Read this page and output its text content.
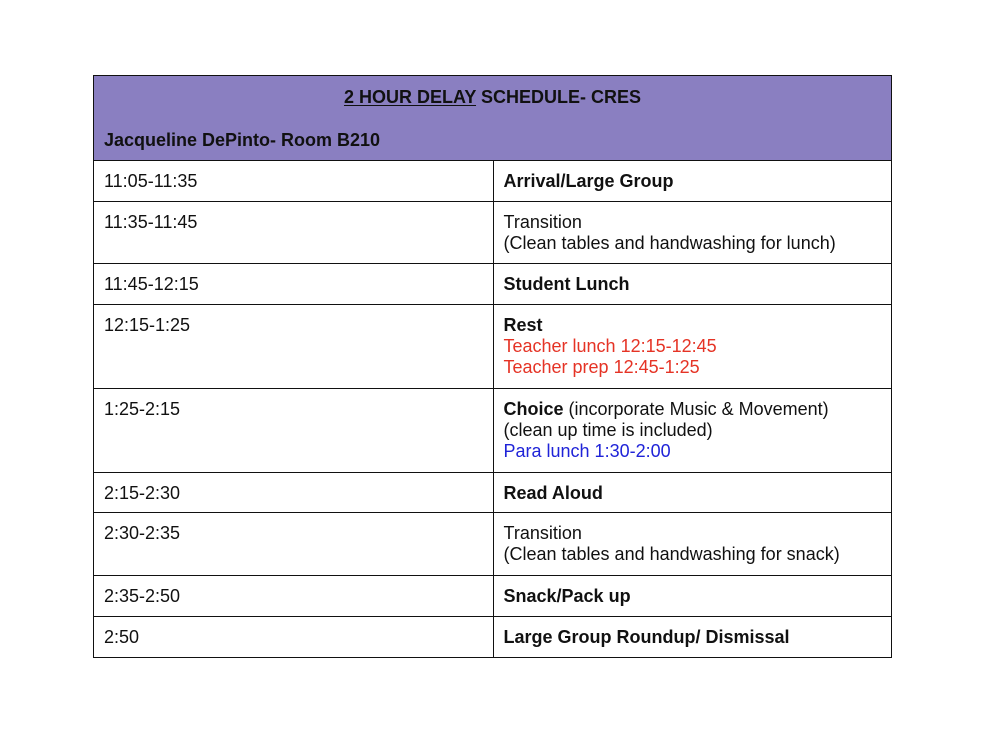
2 HOUR DELAY SCHEDULE- CRES
Jacqueline DePinto- Room B210	

11:05-11:35	Arrival/Large Group

11:35-11:45	Transition
(Clean tables and handwashing for lunch)

11:45-12:15	Student Lunch

12:15-1:25	Rest
Teacher lunch 12:15-12:45
Teacher prep 12:45-1:25

1:25-2:15	Choice (incorporate Music & Movement)
(clean up time is included)
Para lunch 1:30-2:00

2:15-2:30	Read Aloud

2:30-2:35	Transition
(Clean tables and handwashing for snack)

2:35-2:50	Snack/Pack up

2:50	Large Group Roundup/ Dismissal
